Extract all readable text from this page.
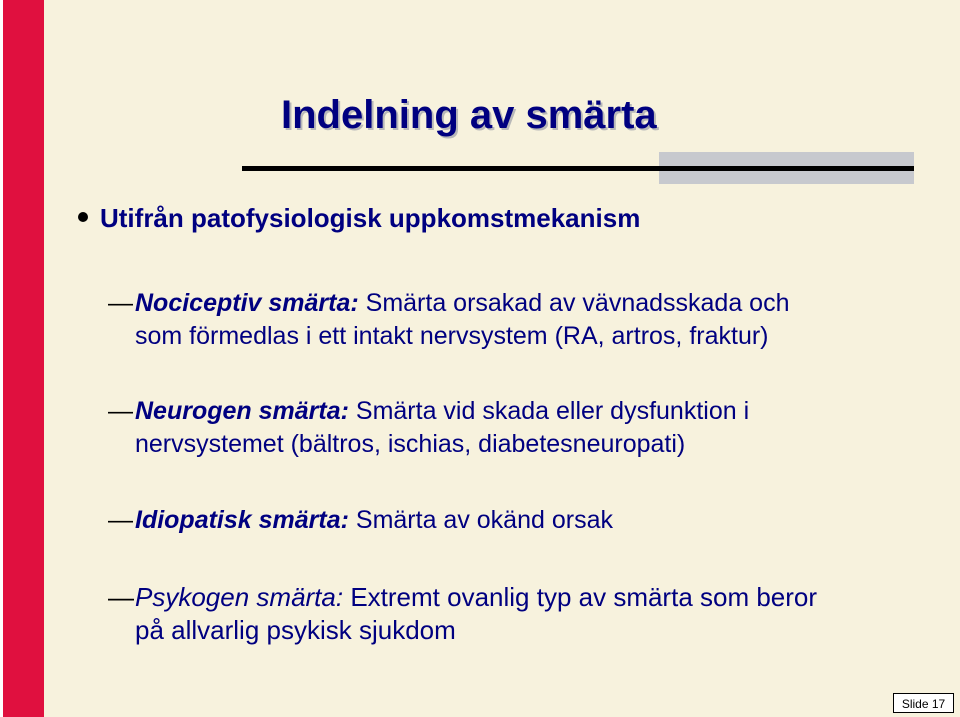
Indelning av smärta
Utifrån patofysiologisk uppkomstmekanism
— Nociceptiv smärta: Smärta orsakad av vävnadsskada och
som förmedlas i ett intakt nervsystem (RA, artros, fraktur)
— Neurogen smärta: Smärta vid skada eller dysfunktion i
nervsystemet (bältros, ischias, diabetesneuropati)
— Idiopatisk smärta: Smärta av okänd orsak
— Psykogen smärta: Extremt ovanlig typ av smärta som beror
på allvarlig psykisk sjukdom
Slide 17
